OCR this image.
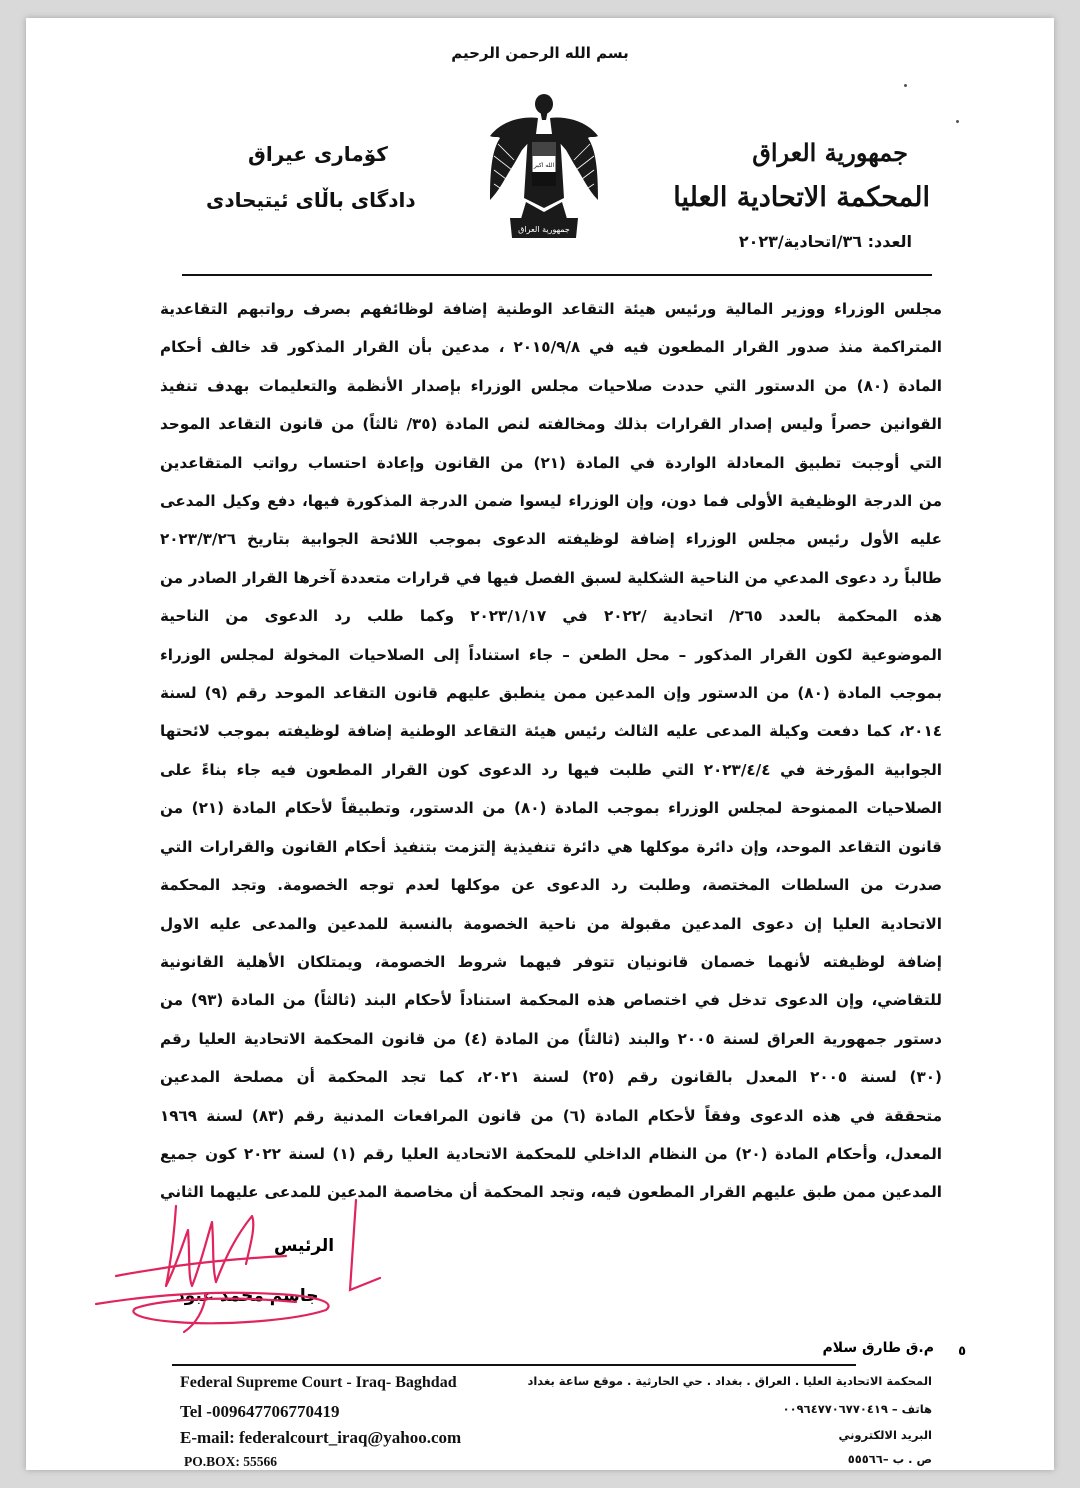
بسم الله الرحمن الرحيم
الله اكبر
جمهورية العراق
جمهورية العراق
المحكمة الاتحادية العليا
كۆماری عیراق
دادگای باڵای ئیتیحادی
العدد: ٣٦/اتحادية/٢٠٢٣
مجلس الوزراء ووزير المالية ورئيس هيئة التقاعد الوطنية إضافة لوظائفهم بصرف رواتبهم التقاعدية
المتراكمة منذ صدور القرار المطعون فيه في ٢٠١٥/٩/٨ ، مدعين بأن القرار المذكور قد خالف أحكام
المادة (٨٠) من الدستور التي حددت صلاحيات مجلس الوزراء بإصدار الأنظمة والتعليمات بهدف تنفيذ
القوانين حصراً وليس إصدار القرارات بذلك ومخالفته لنص المادة (٣٥/ ثالثاً) من قانون التقاعد الموحد
التي أوجبت تطبيق المعادلة الواردة في المادة (٢١) من القانون وإعادة احتساب رواتب المتقاعدين
من الدرجة الوظيفية الأولى فما دون، وإن الوزراء ليسوا ضمن الدرجة المذكورة فيها، دفع وكيل المدعى
عليه الأول رئيس مجلس الوزراء إضافة لوظيفته الدعوى بموجب اللائحة الجوابية بتاريخ ٢٠٢٣/٣/٢٦
طالباً رد دعوى المدعي من الناحية الشكلية لسبق الفصل فيها في قرارات متعددة آخرها القرار الصادر من
هذه المحكمة بالعدد ٢٦٥/ اتحادية /٢٠٢٢ في ٢٠٢٣/١/١٧ وكما طلب رد الدعوى من الناحية
الموضوعية لكون القرار المذكور – محل الطعن – جاء استناداً إلى الصلاحيات المخولة لمجلس الوزراء
بموجب المادة (٨٠) من الدستور وإن المدعين ممن ينطبق عليهم قانون التقاعد الموحد رقم (٩) لسنة
٢٠١٤، كما دفعت وكيلة المدعى عليه الثالث رئيس هيئة التقاعد الوطنية إضافة لوظيفته بموجب لائحتها
الجوابية المؤرخة في ٢٠٢٣/٤/٤ التي طلبت فيها رد الدعوى كون القرار المطعون فيه جاء بناءً على
الصلاحيات الممنوحة لمجلس الوزراء بموجب المادة (٨٠) من الدستور، وتطبيقاً لأحكام المادة (٢١) من
قانون التقاعد الموحد، وإن دائرة موكلها هي دائرة تنفيذية إلتزمت بتنفيذ أحكام القانون والقرارات التي
صدرت من السلطات المختصة، وطلبت رد الدعوى عن موكلها لعدم توجه الخصومة. وتجد المحكمة
الاتحادية العليا إن دعوى المدعين مقبولة من ناحية الخصومة بالنسبة للمدعين والمدعى عليه الاول
إضافة لوظيفته لأنهما خصمان قانونيان تتوفر فيهما شروط الخصومة، ويمتلكان الأهلية القانونية
للتقاضي، وإن الدعوى تدخل في اختصاص هذه المحكمة استناداً لأحكام البند (ثالثاً) من المادة (٩٣) من
دستور جمهورية العراق لسنة ٢٠٠٥ والبند (ثالثاً) من المادة (٤) من قانون المحكمة الاتحادية العليا رقم
(٣٠) لسنة ٢٠٠٥ المعدل بالقانون رقم (٢٥) لسنة ٢٠٢١، كما تجد المحكمة أن مصلحة المدعين
متحققة في هذه الدعوى وفقاً لأحكام المادة (٦) من قانون المرافعات المدنية رقم (٨٣) لسنة ١٩٦٩
المعدل، وأحكام المادة (٢٠) من النظام الداخلي للمحكمة الاتحادية العليا رقم (١) لسنة ٢٠٢٢ كون جميع
المدعين ممن طبق عليهم القرار المطعون فيه، وتجد المحكمة أن مخاصمة المدعين للمدعى عليهما الثاني
الرئيس
جاسم محمد عبود
٥
م.ق طارق سلام
Federal Supreme Court - Iraq- Baghdad
Tel -009647706770419
E-mail: federalcourt_iraq@yahoo.com
PO.BOX: 55566
المحكمة الاتحادية العليا . العراق . بغداد . حي الحارثية . موقع ساعة بغداد
هاتف – ٠٠٩٦٤٧٧٠٦٧٧٠٤١٩
البريد الالكتروني
ص . ب –٥٥٥٦٦
